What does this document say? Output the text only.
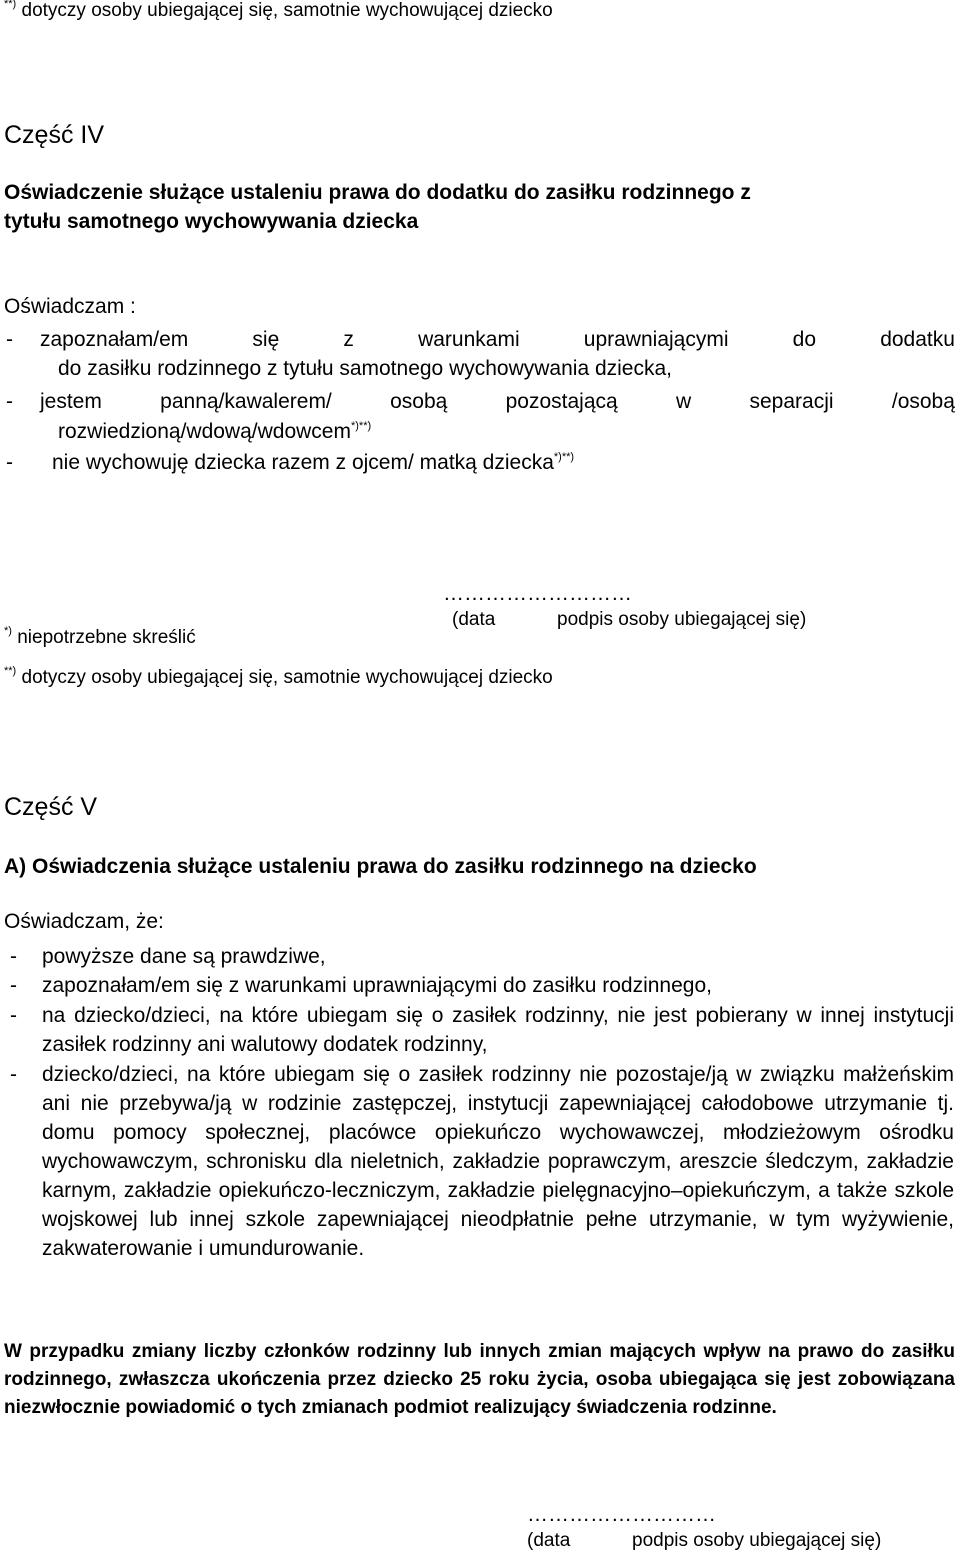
**) dotyczy osoby ubiegającej się, samotnie wychowującej dziecko
Część IV
Oświadczenie służące ustaleniu prawa do dodatku do zasiłku rodzinnego z
tytułu samotnego wychowywania dziecka
Oświadczam :
-	zapoznałam/em	się	z	warunkami	uprawniającymi	do	dodatku
do zasiłku rodzinnego z tytułu samotnego wychowywania dziecka,
-	jestem	panną/kawalerem/	osobą	pozostającą	w	separacji	/osobą
rozwiedzioną/wdową/wdowcem*)**)
-	nie wychowuję dziecka razem z ojcem/ matką dziecka*)**)
………………………
(data	podpis osoby ubiegającej się)
*) niepotrzebne skreślić
**) dotyczy osoby ubiegającej się, samotnie wychowującej dziecko
Część V
A) Oświadczenia służące ustaleniu prawa do zasiłku rodzinnego na dziecko
Oświadczam, że:
- powyższe dane są prawdziwe,
- zapoznałam/em się z warunkami uprawniającymi do zasiłku rodzinnego,
- na dziecko/dzieci, na które ubiegam się o zasiłek rodzinny, nie jest pobierany w innej instytucji zasiłek rodzinny ani walutowy dodatek rodzinny,
- dziecko/dzieci, na które ubiegam się o zasiłek rodzinny nie pozostaje/ją w związku małżeńskim ani nie przebywa/ją w rodzinie zastępczej, instytucji zapewniającej całodobowe utrzymanie tj. domu pomocy społecznej, placówce opiekuńczo wychowawczej, młodzieżowym ośrodku wychowawczym, schronisku dla nieletnich, zakładzie poprawczym, areszcie śledczym, zakładzie karnym, zakładzie opiekuńczo-leczniczym, zakładzie pielęgnacyjno–opiekuńczym, a także szkole wojskowej lub innej szkole zapewniającej nieodpłatnie pełne utrzymanie, w tym wyżywienie, zakwaterowanie i umundurowanie.
W przypadku zmiany liczby członków rodzinny lub innych zmian mających wpływ na prawo do zasiłku rodzinnego, zwłaszcza ukończenia przez dziecko 25 roku życia, osoba ubiegająca się jest zobowiązana niezwłocznie powiadomić o tych zmianach podmiot realizujący świadczenia rodzinne.
………………………
(data	podpis osoby ubiegającej się)
